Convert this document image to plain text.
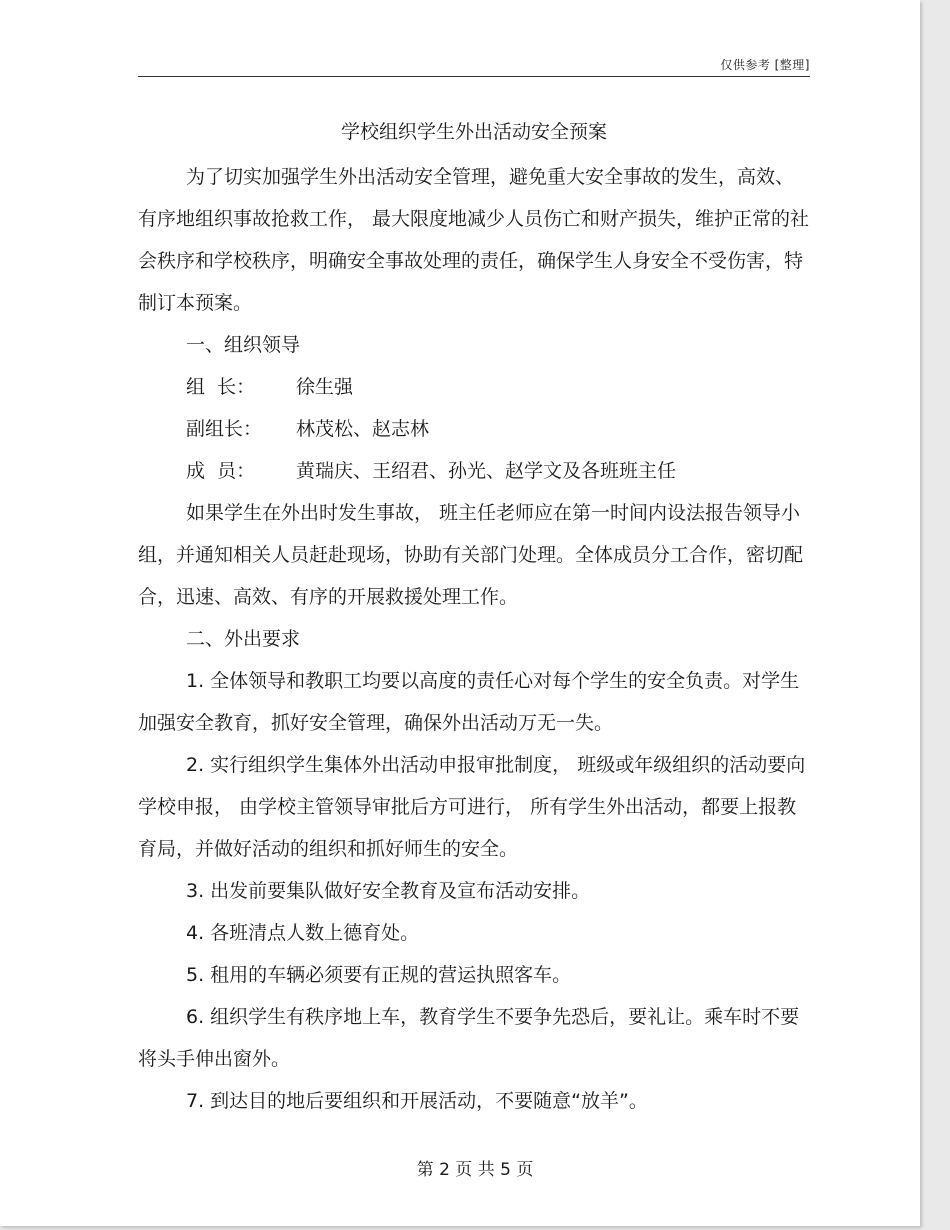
仅供参考 [整理]
学校组织学生外出活动安全预案

为了切实加强学生外出活动安全管理，避免重大安全事故的发生，高效、有序地组织事故抢救工作， 最大限度地减少人员伤亡和财产损失，维护正常的社会秩序和学校秩序，明确安全事故处理的责任，确保学生人身安全不受伤害，特制订本预案。

一、组织领导

组  长：	徐生强

副组长：	林茂松、赵志林

成  员：	黄瑞庆、王绍君、孙光、赵学文及各班班主任

如果学生在外出时发生事故， 班主任老师应在第一时间内设法报告领导小组，并通知相关人员赶赴现场，协助有关部门处理。全体成员分工合作，密切配合，迅速、高效、有序的开展救援处理工作。

二、外出要求

1. 全体领导和教职工均要以高度的责任心对每个学生的安全负责。对学生加强安全教育，抓好安全管理，确保外出活动万无一失。

2. 实行组织学生集体外出活动申报审批制度， 班级或年级组织的活动要向学校申报， 由学校主管领导审批后方可进行， 所有学生外出活动，都要上报教育局，并做好活动的组织和抓好师生的安全。

3. 出发前要集队做好安全教育及宣布活动安排。

4. 各班清点人数上德育处。

5. 租用的车辆必须要有正规的营运执照客车。

6. 组织学生有秩序地上车，教育学生不要争先恐后，要礼让。乘车时不要将头手伸出窗外。

7. 到达目的地后要组织和开展活动，不要随意“放羊”。

第 2 页 共 5 页
